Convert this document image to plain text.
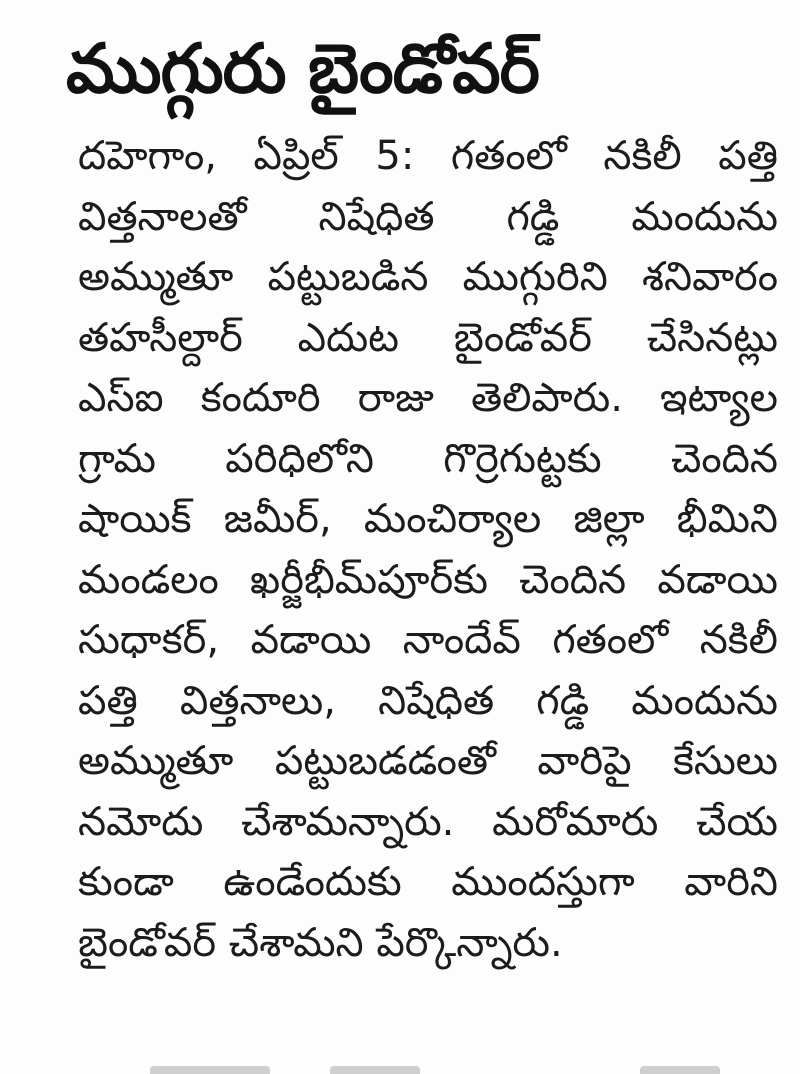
ముగ్గురు బైండోవర్
దహెగాం, ఏప్రిల్ 5: గతంలో నకిలీ పత్తి
విత్తనాలతో నిషేధిత గడ్డి మందును
అమ్ముతూ పట్టుబడిన ముగ్గురిని శనివారం
తహసీల్దార్ ఎదుట బైండోవర్ చేసినట్లు
ఎస్ఐ కందూరి రాజు తెలిపారు. ఇట్యాల
గ్రామ పరిధిలోని గొర్రెగుట్టకు చెందిన
షాయిక్ జమీర్, మంచిర్యాల జిల్లా భీమిని
మండలం ఖర్జీభీమ్‌పూర్‌కు చెందిన వడాయి
సుధాకర్, వడాయి నాందేవ్ గతంలో నకిలీ
పత్తి విత్తనాలు, నిషేధిత గడ్డి మందును
అమ్ముతూ పట్టుబడడంతో వారిపై కేసులు
నమోదు చేశామన్నారు. మరోమారు చేయ
కుండా ఉండేందుకు ముందస్తుగా వారిని
బైండోవర్ చేశామని పేర్కొన్నారు.
